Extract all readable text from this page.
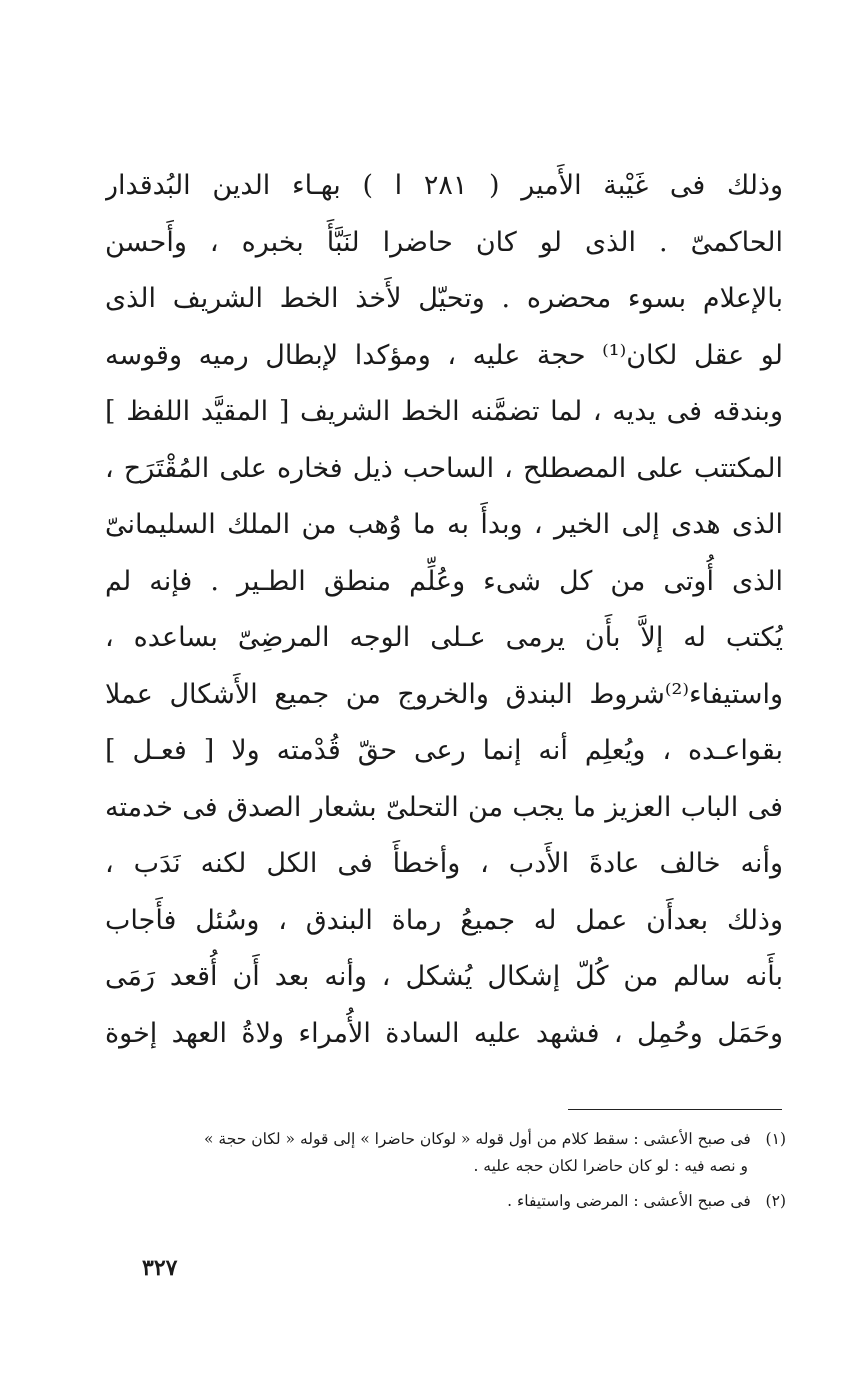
وذلك فى غَيْبة الأَمير ( ٢٨١ ا ) بهـاء الدين البُدقدار
الحاكمىّ . الذى لو كان حاضرا لنَبَّأَ بخبره ، وأَحسن
بالإعلام بسوء محضره . وتحيّل لأَخذ الخط الشريف الذى
لو عقل لكان⁽¹⁾ حجة عليه ، ومؤكدا لإبطال رميه وقوسه
وبندقه فى يديه ، لما تضمَّنه الخط الشريف [ المقيَّد اللفظ ]
المكتتب على المصطلح ، الساحب ذيل فخاره على المُقْتَرَح ،
الذى هدى إلى الخير ، وبدأَ به ما وُهب من الملك السليمانىّ
الذى أُوتى من كل شىء وعُلِّم منطق الطـير . فإنه لم
يُكتب له إلاَّ بأَن يرمى عـلى الوجه المرضِىّ بساعده ،
واستيفاء⁽²⁾شروط البندق والخروج من جميع الأَشكال عملا
بقواعـده ، ويُعلِم أنه إنما رعى حقّ قُدْمته ولا [ فعـل ]
فى الباب العزيز ما يجب من التحلىّ بشعار الصدق فى خدمته
وأنه خالف عادةَ الأَدب ، وأخطأَ فى الكل لكنه نَدَب ،
وذلك بعدأَن عمل له جميعُ رماة البندق ، وسُئل فأَجاب
بأَنه سالم من كُلّ إشكال يُشكل ، وأنه بعد أَن أُقعد رَمَى
وحَمَل وحُمِل ، فشهد عليه السادة الأُمراء ولاةُ العهد إخوة
(١)   فى صبح الأعشى : سقط كلام من أول قوله « لوكان حاضرا » إلى قوله « لكان حجة »
و نصه فيه : لو كان حاضرا لكان حجه عليه .
(٢)   فى صبح الأعشى : المرضى واستيفاء .
٣٢٧
